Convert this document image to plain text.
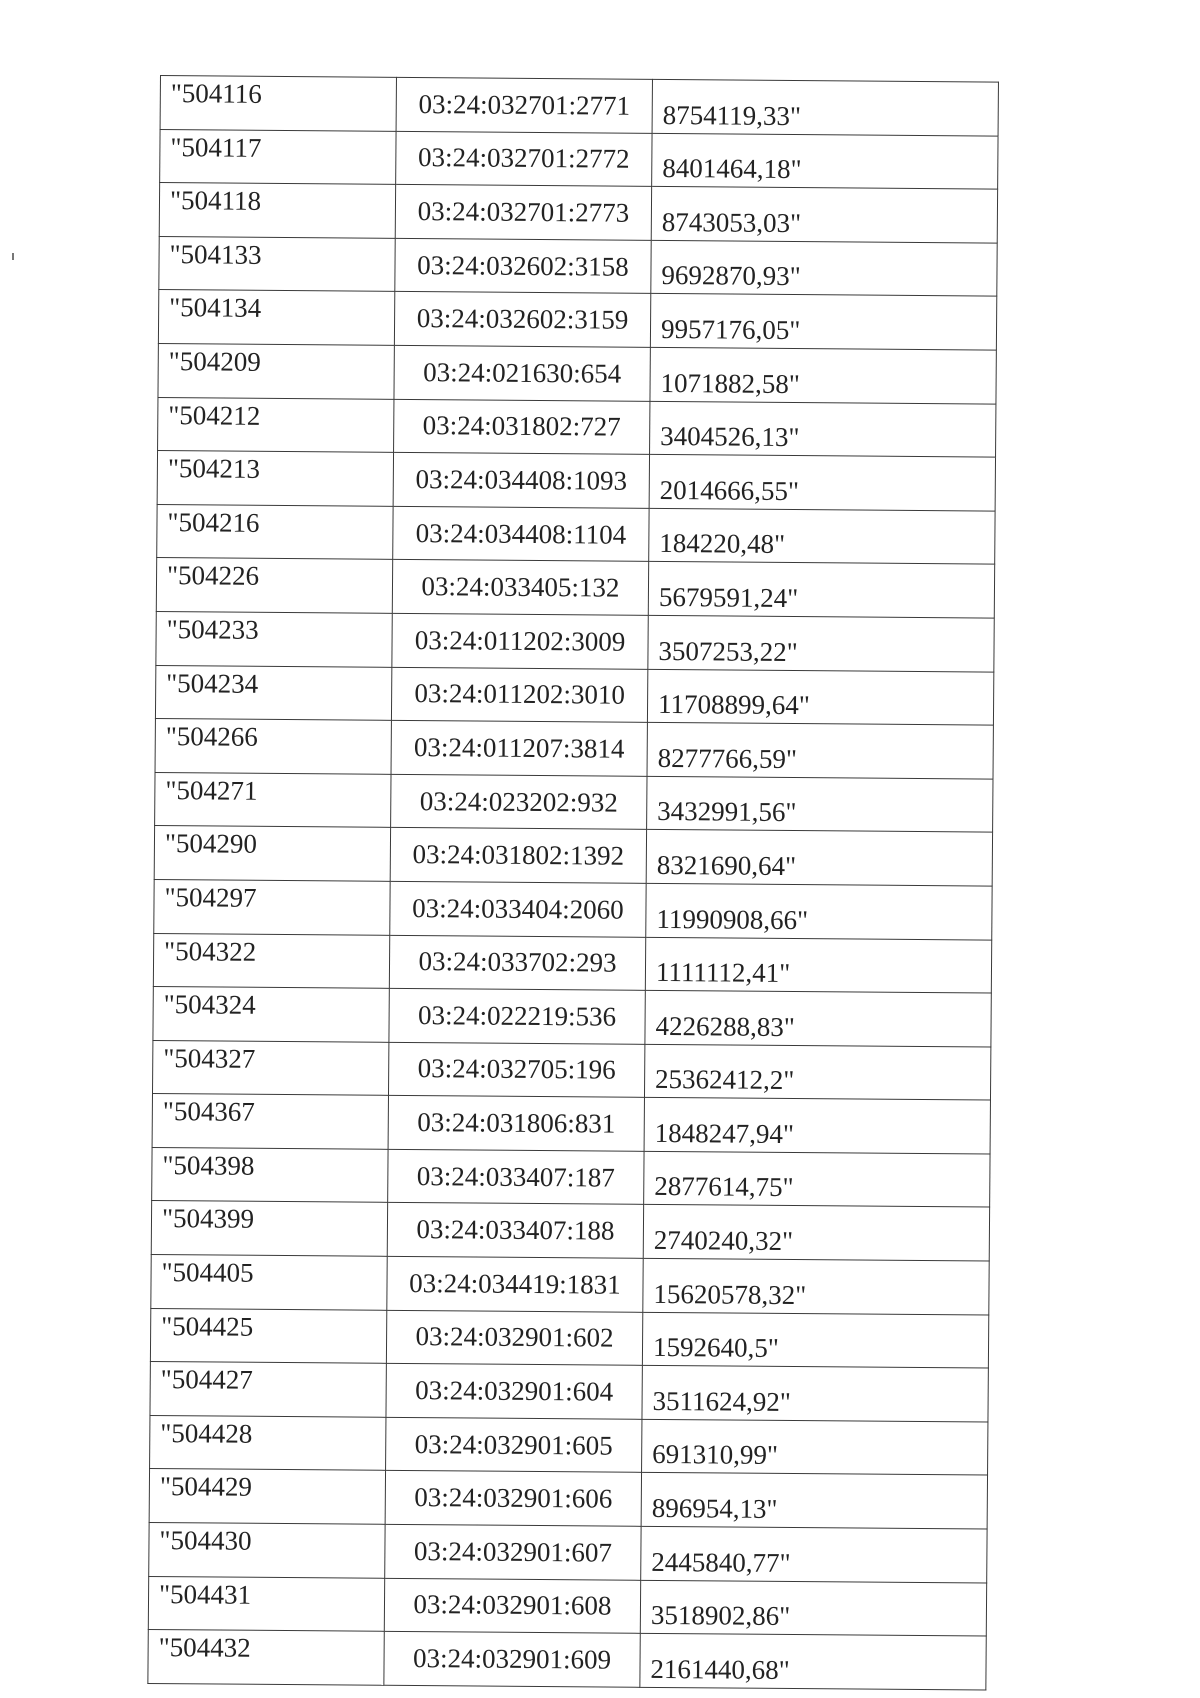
"504116	03:24:032701:2771	8754119,33"
"504117	03:24:032701:2772	8401464,18"
"504118	03:24:032701:2773	8743053,03"
"504133	03:24:032602:3158	9692870,93"
"504134	03:24:032602:3159	9957176,05"
"504209	03:24:021630:654	1071882,58"
"504212	03:24:031802:727	3404526,13"
"504213	03:24:034408:1093	2014666,55"
"504216	03:24:034408:1104	184220,48"
"504226	03:24:033405:132	5679591,24"
"504233	03:24:011202:3009	3507253,22"
"504234	03:24:011202:3010	11708899,64"
"504266	03:24:011207:3814	8277766,59"
"504271	03:24:023202:932	3432991,56"
"504290	03:24:031802:1392	8321690,64"
"504297	03:24:033404:2060	11990908,66"
"504322	03:24:033702:293	1111112,41"
"504324	03:24:022219:536	4226288,83"
"504327	03:24:032705:196	25362412,2"
"504367	03:24:031806:831	1848247,94"
"504398	03:24:033407:187	2877614,75"
"504399	03:24:033407:188	2740240,32"
"504405	03:24:034419:1831	15620578,32"
"504425	03:24:032901:602	1592640,5"
"504427	03:24:032901:604	3511624,92"
"504428	03:24:032901:605	691310,99"
"504429	03:24:032901:606	896954,13"
"504430	03:24:032901:607	2445840,77"
"504431	03:24:032901:608	3518902,86"
"504432	03:24:032901:609	2161440,68"
